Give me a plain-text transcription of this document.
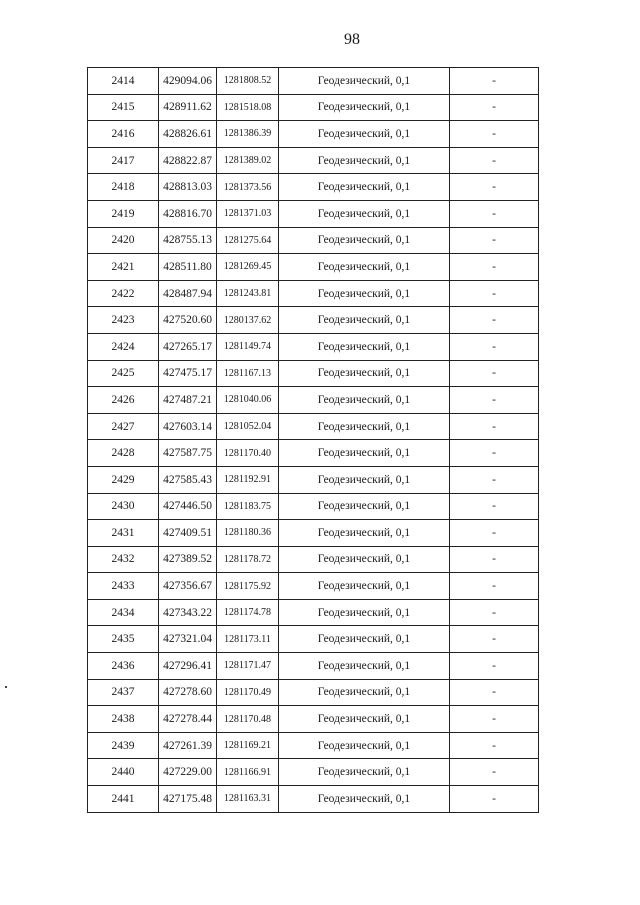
98
2414	429094.06	1281808.52	Геодезический, 0,1	-
2415	428911.62	1281518.08	Геодезический, 0,1	-
2416	428826.61	1281386.39	Геодезический, 0,1	-
2417	428822.87	1281389.02	Геодезический, 0,1	-
2418	428813.03	1281373.56	Геодезический, 0,1	-
2419	428816.70	1281371.03	Геодезический, 0,1	-
2420	428755.13	1281275.64	Геодезический, 0,1	-
2421	428511.80	1281269.45	Геодезический, 0,1	-
2422	428487.94	1281243.81	Геодезический, 0,1	-
2423	427520.60	1280137.62	Геодезический, 0,1	-
2424	427265.17	1281149.74	Геодезический, 0,1	-
2425	427475.17	1281167.13	Геодезический, 0,1	-
2426	427487.21	1281040.06	Геодезический, 0,1	-
2427	427603.14	1281052.04	Геодезический, 0,1	-
2428	427587.75	1281170.40	Геодезический, 0,1	-
2429	427585.43	1281192.91	Геодезический, 0,1	-
2430	427446.50	1281183.75	Геодезический, 0,1	-
2431	427409.51	1281180.36	Геодезический, 0,1	-
2432	427389.52	1281178.72	Геодезический, 0,1	-
2433	427356.67	1281175.92	Геодезический, 0,1	-
2434	427343.22	1281174.78	Геодезический, 0,1	-
2435	427321.04	1281173.11	Геодезический, 0,1	-
2436	427296.41	1281171.47	Геодезический, 0,1	-
2437	427278.60	1281170.49	Геодезический, 0,1	-
2438	427278.44	1281170.48	Геодезический, 0,1	-
2439	427261.39	1281169.21	Геодезический, 0,1	-
2440	427229.00	1281166.91	Геодезический, 0,1	-
2441	427175.48	1281163.31	Геодезический, 0,1	-
